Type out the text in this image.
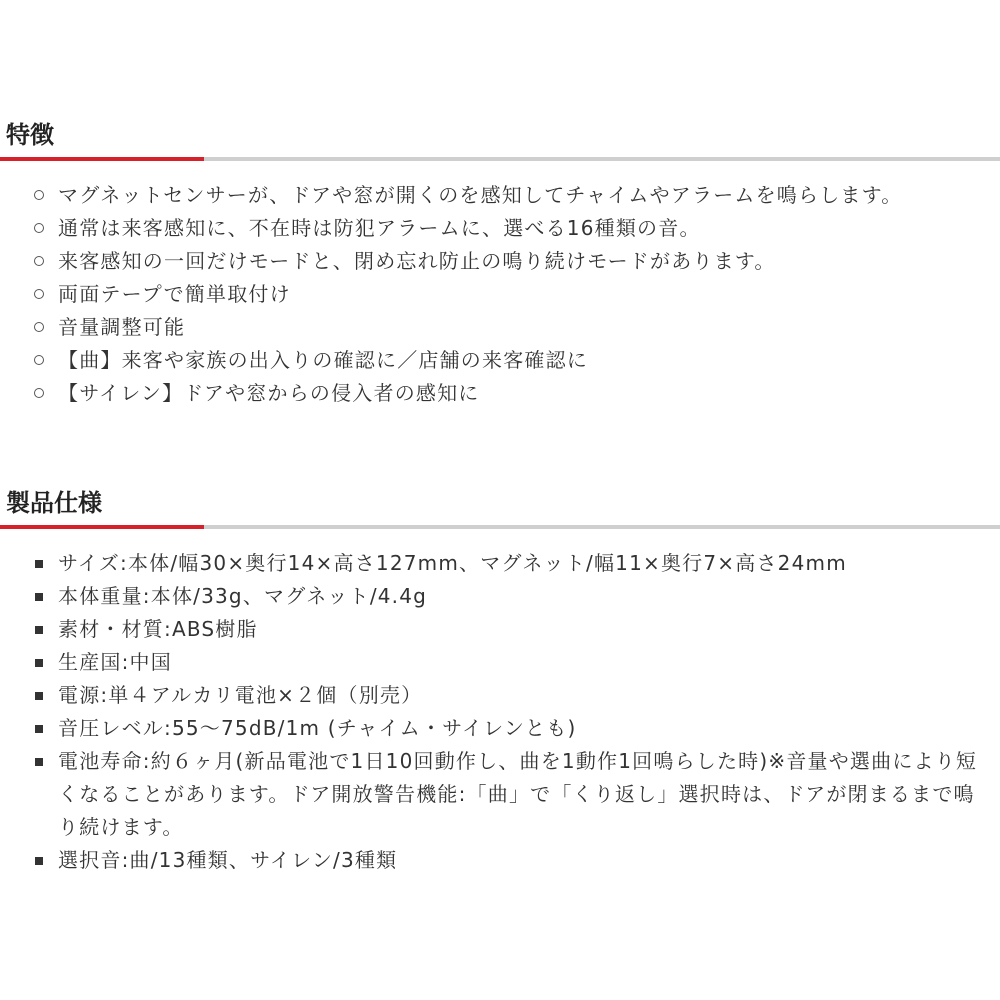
特徴
マグネットセンサーが、ドアや窓が開くのを感知してチャイムやアラームを鳴らします。
通常は来客感知に、不在時は防犯アラームに、選べる16種類の音。
来客感知の一回だけモードと、閉め忘れ防止の鳴り続けモードがあります。
両面テープで簡単取付け
音量調整可能
【曲】来客や家族の出入りの確認に／店舗の来客確認に
【サイレン】ドアや窓からの侵入者の感知に
製品仕様
サイズ:本体/幅30×奥行14×高さ127mm、マグネット/幅11×奥行7×高さ24mm
本体重量:本体/33g、マグネット/4.4g
素材・材質:ABS樹脂
生産国:中国
電源:単４アルカリ電池×２個（別売）
音圧レベル:55～75dB/1m (チャイム・サイレンとも)
電池寿命:約６ヶ月(新品電池で1日10回動作し、曲を1動作1回鳴らした時)※音量や選曲により短くなることがあります。ドア開放警告機能:「曲」で「くり返し」選択時は、ドアが閉まるまで鳴り続けます。
選択音:曲/13種類、サイレン/3種類
